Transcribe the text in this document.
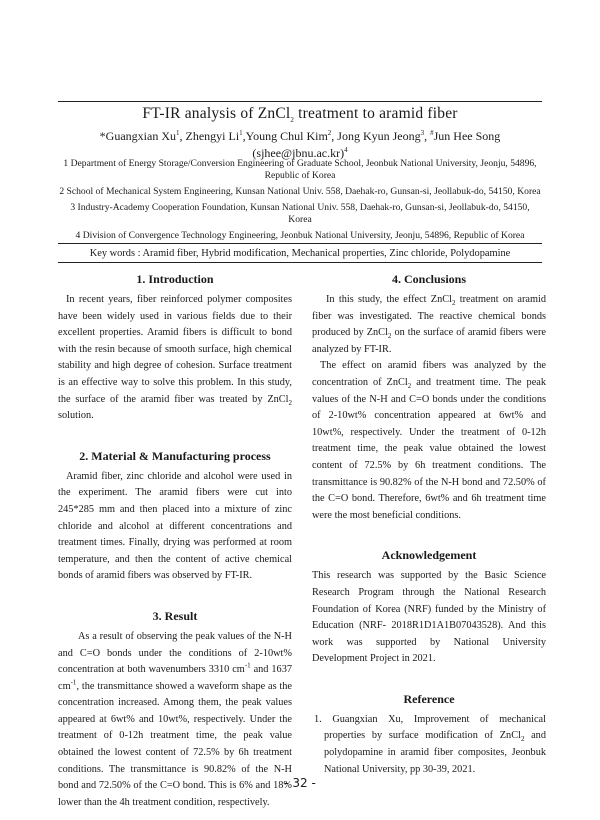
FT-IR analysis of ZnCl$_2$ treatment to aramid fiber
*Guangxian Xu$^1$, Zhengyi Li$^1$,Young Chul Kim$^2$, Jong Kyun Jeong$^3$, #Jun Hee Song
(sjhee@jbnu.ac.kr)$^4$
1 Department of Energy Storage/Conversion Engineering of Graduate School, Jeonbuk National University, Jeonju, 54896, Republic of Korea
2 School of Mechanical System Engineering, Kunsan National Univ. 558, Daehak-ro, Gunsan-si, Jeollabuk-do, 54150, Korea
3 Industry-Academy Cooperation Foundation, Kunsan National Univ. 558, Daehak-ro, Gunsan-si, Jeollabuk-do, 54150, Korea
4 Division of Convergence Technology Engineering, Jeonbuk National University, Jeonju, 54896, Republic of Korea
Key words : Aramid fiber, Hybrid modification, Mechanical properties, Zinc chloride, Polydopamine
1. Introduction

In recent years, fiber reinforced polymer composites have been widely used in various fields due to their excellent properties. Aramid fibers is difficult to bond with the resin because of smooth surface, high chemical stability and high degree of cohesion. Surface treatment is an effective way to solve this problem. In this study, the surface of the aramid fiber was treated by ZnCl$_2$ solution.

2. Material & Manufacturing process

Aramid fiber, zinc chloride and alcohol were used in the experiment. The aramid fibers were cut into 245*285 mm and then placed into a mixture of zinc chloride and alcohol at different concentrations and treatment times. Finally, drying was performed at room temperature, and then the content of active chemical bonds of aramid fibers was observed by FT-IR.

3. Result

As a result of observing the peak values of the N-H and C=O bonds under the conditions of 2-10wt% concentration at both wavenumbers 3310 $cm^{-1}$ and 1637 $cm^{-1}$, the transmittance showed a waveform shape as the concentration increased. Among them, the peak values appeared at 6wt% and 10wt%, respectively. Under the treatment of 0-12h treatment time, the peak value obtained the lowest content of 72.5% by 6h treatment conditions. The transmittance is 90.82% of the N-H bond and 72.50% of the C=O bond. This is 6% and 18% lower than the 4h treatment condition, respectively.

4. Conclusions

In this study, the effect ZnCl$_2$ treatment on aramid fiber was investigated. The reactive chemical bonds produced by ZnCl$_2$ on the surface of aramid fibers were analyzed by FT-IR.

The effect on aramid fibers was analyzed by the concentration of ZnCl$_2$ and treatment time. The peak values of the N-H and C=O bonds under the conditions of 2-10wt% concentration appeared at 6wt% and 10wt%, respectively. Under the treatment of 0-12h treatment time, the peak value obtained the lowest content of 72.5% by 6h treatment conditions. The transmittance is 90.82% of the N-H bond and 72.50% of the C=O bond. Therefore, 6wt% and 6h treatment time were the most beneficial conditions.

Acknowledgement

This research was supported by the Basic Science Research Program through the National Research Foundation of Korea (NRF) funded by the Ministry of Education (NRF- 2018R1D1A1B07043528). And this work was supported by National University Development Project in 2021.

Reference
1. Guangxian Xu, Improvement of mechanical properties by surface modification of ZnCl$_2$ and polydopamine in aramid fiber composites, Jeonbuk National University, pp 30-39, 2021.
- 32 -
